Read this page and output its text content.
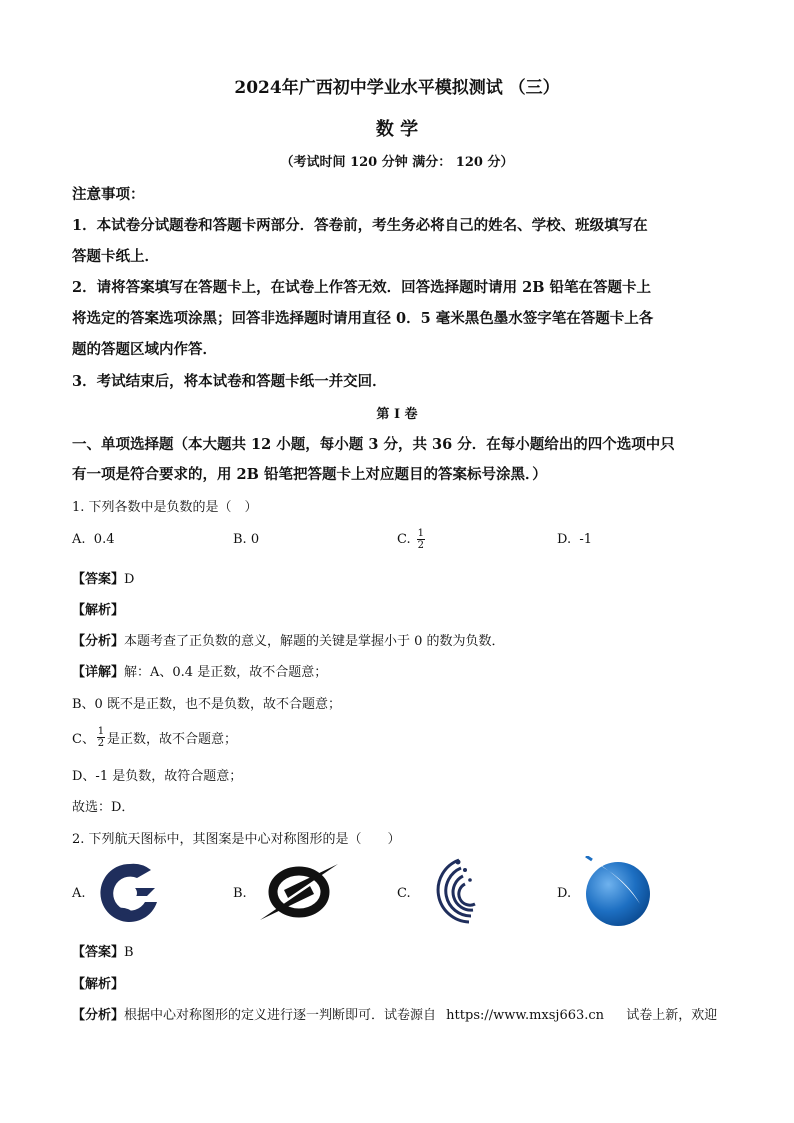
2024年广西初中学业水平模拟测试 （三）
数 学
（考试时间 120 分钟 满分： 120 分）
注意事项：
1．本试卷分试题卷和答题卡两部分．答卷前，考生务必将自己的姓名、学校、班级填写在
答题卡纸上．
2．请将答案填写在答题卡上，在试卷上作答无效．回答选择题时请用 2B 铅笔在答题卡上
将选定的答案选项涂黑；回答非选择题时请用直径 0．5 毫米黑色墨水签字笔在答题卡上各
题的答题区域内作答．
3．考试结束后，将本试卷和答题卡纸一并交回．
第 I 卷
一、单项选择题（本大题共 12 小题，每小题 3 分，共 36 分．在每小题给出的四个选项中只
有一项是符合要求的，用 2B 铅笔把答题卡上对应题目的答案标号涂黑．）
1. 下列各数中是负数的是（　）
A. 0.4	B. 0	C.
$\frac{1}{2}$	D. -1
【答案】D
【解析】
【分析】本题考查了正负数的意义，解题的关键是掌握小于 0 的数为负数．
【详解】解：A、0.4 是正数，故不合题意；
B、0 既不是正数，也不是负数，故不合题意；
C、 $\frac{1}{2}$ 是正数，故不合题意；
D、-1 是负数，故符合题意；
故选：D．
2. 下列航天图标中，其图案是中心对称图形的是（　　）
A.	B.	C.	D.
【答案】B
【解析】
【分析】根据中心对称图形的定义进行逐一判断即可．试卷源自 https://www.mxsj663.cn 试卷上新，欢迎
